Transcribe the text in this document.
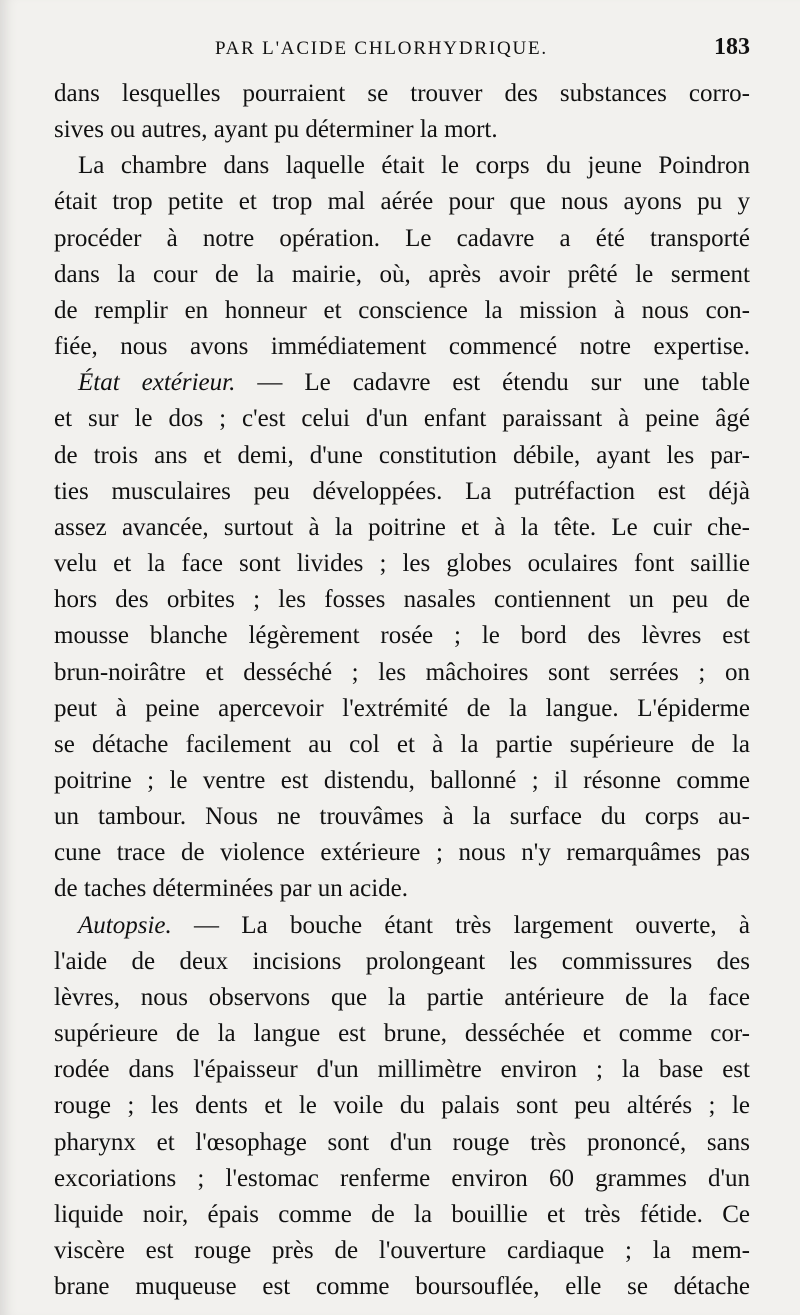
PAR L'ACIDE CHLORHYDRIQUE.	183
dans lesquelles pourraient se trouver des substances corro-
sives ou autres, ayant pu déterminer la mort.
La chambre dans laquelle était le corps du jeune Poindron
était trop petite et trop mal aérée pour que nous ayons pu y
procéder à notre opération. Le cadavre a été transporté
dans la cour de la mairie, où, après avoir prêté le serment
de remplir en honneur et conscience la mission à nous con-
fiée, nous avons immédiatement commencé notre expertise.
État extérieur. — Le cadavre est étendu sur une table
et sur le dos ; c'est celui d'un enfant paraissant à peine âgé
de trois ans et demi, d'une constitution débile, ayant les par-
ties musculaires peu développées. La putréfaction est déjà
assez avancée, surtout à la poitrine et à la tête. Le cuir che-
velu et la face sont livides ; les globes oculaires font saillie
hors des orbites ; les fosses nasales contiennent un peu de
mousse blanche légèrement rosée ; le bord des lèvres est
brun-noirâtre et desséché ; les mâchoires sont serrées ; on
peut à peine apercevoir l'extrémité de la langue. L'épiderme
se détache facilement au col et à la partie supérieure de la
poitrine ; le ventre est distendu, ballonné ; il résonne comme
un tambour. Nous ne trouvâmes à la surface du corps au-
cune trace de violence extérieure ; nous n'y remarquâmes pas
de taches déterminées par un acide.
Autopsie. — La bouche étant très largement ouverte, à
l'aide de deux incisions prolongeant les commissures des
lèvres, nous observons que la partie antérieure de la face
supérieure de la langue est brune, desséchée et comme cor-
rodée dans l'épaisseur d'un millimètre environ ; la base est
rouge ; les dents et le voile du palais sont peu altérés ; le
pharynx et l'œsophage sont d'un rouge très prononcé, sans
excoriations ; l'estomac renferme environ 60 grammes d'un
liquide noir, épais comme de la bouillie et très fétide. Ce
viscère est rouge près de l'ouverture cardiaque ; la mem-
brane muqueuse est comme boursouflée, elle se détache
